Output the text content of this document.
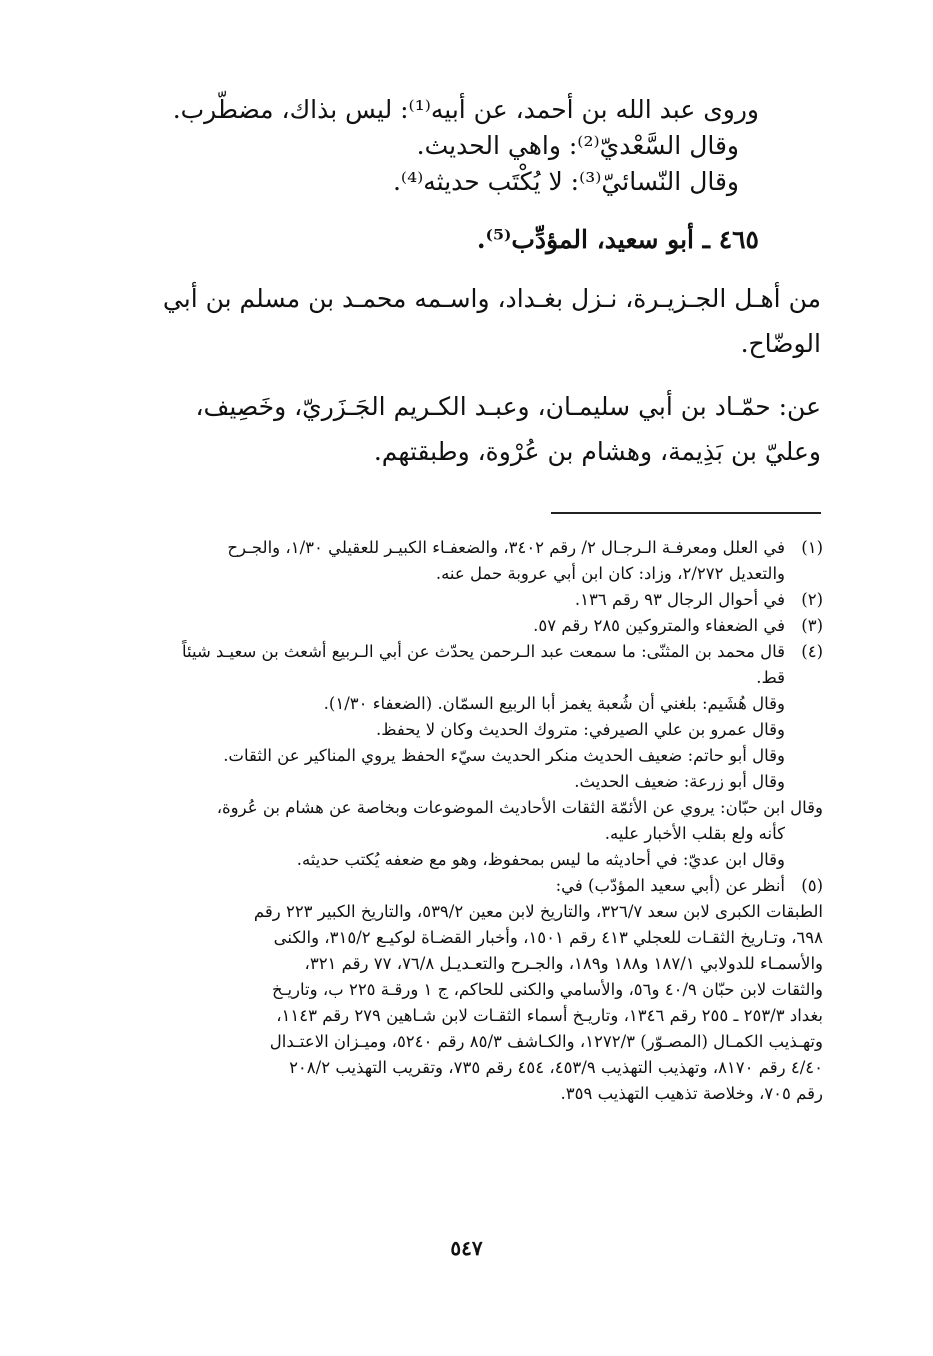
وروى عبد الله بن أحمد، عن أبيه⁽¹⁾: ليس بذاك، مضطّرب.
وقال السَّعْديّ⁽²⁾: واهي الحديث.
وقال النّسائيّ⁽³⁾: لا يُكْتَب حديثه⁽⁴⁾.
٤٦٥ ـ أبو سعيد، المؤدِّب⁽⁵⁾.

من أهـل الجـزيـرة، نـزل بغـداد، واسـمه محمـد بن مسلم بن أبي

الوضّاح.

عن: حمّـاد بن أبي سليمـان، وعبـد الكـريم الجَـزَريّ، وخَصِيف،

وعليّ بن بَذِيمة، وهشام بن عُرْوة، وطبقتهم.
(١)
في العلل ومعرفـة الـرجـال ٢/ رقم ٣٤٠٢، والضعفـاء الكبيـر للعقيلي ١/٣٠، والجـرح
والتعديل ٢/٢٧٢، وزاد: كان ابن أبي عروبة حمل عنه.
(٢)
في أحوال الرجال ٩٣ رقم ١٣٦.
(٣)
في الضعفاء والمتروكين ٢٨٥ رقم ٥٧.
(٤)
قال محمد بن المثنّى: ما سمعت عبد الـرحمن يحدّث عن أبي الـربيع أشعث بن سعيـد شيئاً
قط.
وقال هُشَيم: بلغني أن شُعبة يغمز أبا الربيع السمّان. (الضعفاء ١/٣٠).
وقال عمرو بن علي الصيرفي: متروك الحديث وكان لا يحفظ.
وقال أبو حاتم: ضعيف الحديث منكر الحديث سيّء الحفظ يروي المناكير عن الثقات.
وقال أبو زرعة: ضعيف الحديث.
وقال ابن حبّان: يروي عن الأئمّة الثقات الأحاديث الموضوعات وبخاصة عن هشام بن عُروة،
كأنه ولع بقلب الأخبار عليه.
وقال ابن عديّ: في أحاديثه ما ليس بمحفوظ، وهو مع ضعفه يُكتب حديثه.
(٥)
أنظر عن (أبي سعيد المؤدّب) في:
الطبقات الكبرى لابن سعد ٣٢٦/٧، والتاريخ لابن معين ٥٣٩/٢، والتاريخ الكبير ٢٢٣ رقم
٦٩٨، وتـاريخ الثقـات للعجلي ٤١٣ رقم ١٥٠١، وأخبار القضـاة لوكيـع ٣١٥/٢، والكنى
والأسمـاء للدولابي ١٨٧/١ و١٨٨ و١٨٩، والجـرح والتعـديـل ٧٦/٨، ٧٧ رقم ٣٢١،
والثقات لابن حبّان ٤٠/٩ و٥٦، والأسامي والكنى للحاكم، ج ١ ورقـة ٢٢٥ ب، وتاريـخ
بغداد ٢٥٣/٣ ـ ٢٥٥ رقم ١٣٤٦، وتاريـخ أسماء الثقـات لابن شـاهين ٢٧٩ رقم ١١٤٣،
وتهـذيب الكمـال (المصـوّر) ١٢٧٢/٣، والكـاشف ٨٥/٣ رقم ٥٢٤٠، وميـزان الاعتـدال
٤/٤٠ رقم ٨١٧٠، وتهذيب التهذيب ٤٥٣/٩، ٤٥٤ رقم ٧٣٥، وتقريب التهذيب ٢٠٨/٢
رقم ٧٠٥، وخلاصة تذهيب التهذيب ٣٥٩.
٥٤٧
